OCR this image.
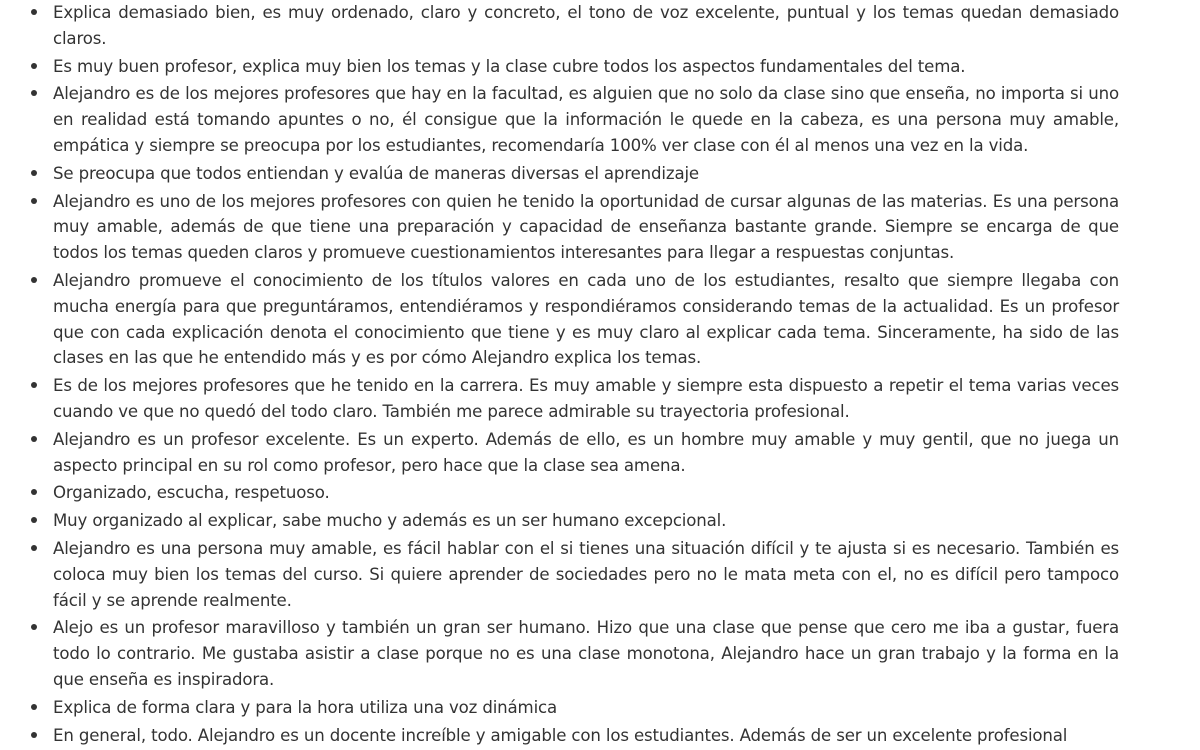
Explica demasiado bien, es muy ordenado, claro y concreto, el tono de voz excelente, puntual y los temas quedan demasiado claros.
Es muy buen profesor, explica muy bien los temas y la clase cubre todos los aspectos fundamentales del tema.
Alejandro es de los mejores profesores que hay en la facultad, es alguien que no solo da clase sino que enseña, no importa si uno en realidad está tomando apuntes o no, él consigue que la información le quede en la cabeza, es una persona muy amable, empática y siempre se preocupa por los estudiantes, recomendaría 100% ver clase con él al menos una vez en la vida.
Se preocupa que todos entiendan y evalúa de maneras diversas el aprendizaje
Alejandro es uno de los mejores profesores con quien he tenido la oportunidad de cursar algunas de las materias. Es una persona muy amable, además de que tiene una preparación y capacidad de enseñanza bastante grande. Siempre se encarga de que todos los temas queden claros y promueve cuestionamientos interesantes para llegar a respuestas conjuntas.
Alejandro promueve el conocimiento de los títulos valores en cada uno de los estudiantes, resalto que siempre llegaba con mucha energía para que preguntáramos, entendiéramos y respondiéramos considerando temas de la actualidad. Es un profesor que con cada explicación denota el conocimiento que tiene y es muy claro al explicar cada tema. Sinceramente, ha sido de las clases en las que he entendido más y es por cómo Alejandro explica los temas.
Es de los mejores profesores que he tenido en la carrera. Es muy amable y siempre esta dispuesto a repetir el tema varias veces cuando ve que no quedó del todo claro. También me parece admirable su trayectoria profesional.
Alejandro es un profesor excelente. Es un experto. Además de ello, es un hombre muy amable y muy gentil, que no juega un aspecto principal en su rol como profesor, pero hace que la clase sea amena.
Organizado, escucha, respetuoso.
Muy organizado al explicar, sabe mucho y además es un ser humano excepcional.
Alejandro es una persona muy amable, es fácil hablar con el si tienes una situación difícil y te ajusta si es necesario. También es coloca muy bien los temas del curso. Si quiere aprender de sociedades pero no le mata meta con el, no es difícil pero tampoco fácil y se aprende realmente.
Alejo es un profesor maravilloso y también un gran ser humano. Hizo que una clase que pense que cero me iba a gustar, fuera todo lo contrario. Me gustaba asistir a clase porque no es una clase monotona, Alejandro hace un gran trabajo y la forma en la que enseña es inspiradora.
Explica de forma clara y para la hora utiliza una voz dinámica
En general, todo. Alejandro es un docente increíble y amigable con los estudiantes. Además de ser un excelente profesional
